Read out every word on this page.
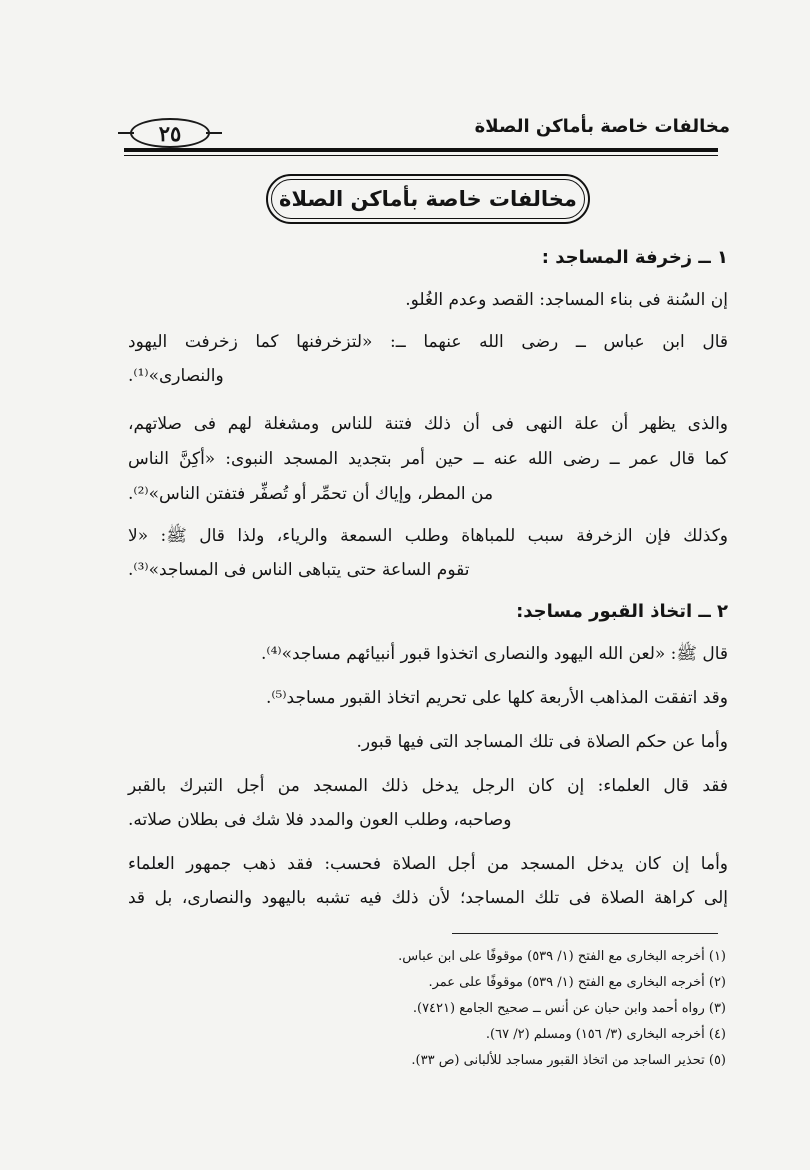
٢٥	مخالفات خاصة بأماكن الصلاة
مخالفات خاصة بأماكن الصلاة
١ ــ زخرفة المساجد :
إن السُنة فى بناء المساجد: القصد وعدم الغُلو.
قال ابن عباس ــ رضى الله عنهما ــ: «لتزخرفنها كما زخرفت اليهود
والنصارى»⁽¹⁾.
والذى يظهر أن علة النهى فى أن ذلك فتنة للناس ومشغلة لهم فى صلاتهم،
كما قال عمر ــ رضى الله عنه ــ حين أمر بتجديد المسجد النبوى: «أكِنَّ الناس
من المطر، وإياك أن تحمِّر أو تُصفِّر فتفتن الناس»⁽²⁾.
وكذلك فإن الزخرفة سبب للمباهاة وطلب السمعة والرياء، ولذا قال ﷺ: «لا
تقوم الساعة حتى يتباهى الناس فى المساجد»⁽³⁾.
٢ ــ اتخاذ القبور مساجد:
قال ﷺ: «لعن الله اليهود والنصارى اتخذوا قبور أنبيائهم مساجد»⁽⁴⁾.
وقد اتفقت المذاهب الأربعة كلها على تحريم اتخاذ القبور مساجد⁽⁵⁾.
وأما عن حكم الصلاة فى تلك المساجد التى فيها قبور.
فقد قال العلماء: إن كان الرجل يدخل ذلك المسجد من أجل التبرك بالقبر
وصاحبه، وطلب العون والمدد فلا شك فى بطلان صلاته.
وأما إن كان يدخل المسجد من أجل الصلاة فحسب: فقد ذهب جمهور العلماء
إلى كراهة الصلاة فى تلك المساجد؛ لأن ذلك فيه تشبه باليهود والنصارى، بل قد
(١) أخرجه البخارى مع الفتح (١/ ٥٣٩) موقوفًا على ابن عباس.
(٢) أخرجه البخارى مع الفتح (١/ ٥٣٩) موقوفًا على عمر.
(٣) رواه أحمد وابن حبان عن أنس ــ صحيح الجامع (٧٤٢١).
(٤) أخرجه البخارى (٣/ ١٥٦) ومسلم (٢/ ٦٧).
(٥) تحذير الساجد من اتخاذ القبور مساجد للألبانى (ص ٣٣).
